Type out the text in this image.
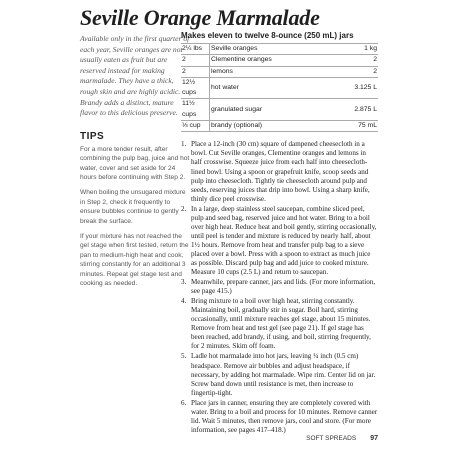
Seville Orange Marmalade

Available only in the first quarter of each year, Seville oranges are not usually eaten as fruit but are reserved instead for making marmalade. They have a thick, rough skin and are highly acidic. Brandy adds a distinct, mature flavor to this delicious preserve.

TIPS

For a more tender result, after combining the pulp bag, juice and hot water, cover and set aside for 24 hours before continuing with Step 2.

When boiling the unsugared mixture in Step 2, check it frequently to ensure bubbles continue to gently break the surface.

If your mixture has not reached the gel stage when first tested, return the pan to medium-high heat and cook, stirring constantly for an additional 3 minutes. Repeat gel stage test and cooking as needed.

Makes eleven to twelve 8-ounce (250 mL) jars
2¼ lbs	Seville oranges	1 kg
2	Clementine oranges	2
2	lemons	2
12½ cups	hot water	3.125 L
11½ cups	granulated sugar	2.875 L
⅓ cup	brandy (optional)	75 mL
1. Place a 12-inch (30 cm) square of dampened cheesecloth in a bowl. Cut Seville oranges, Clementine oranges and lemons in half crosswise. Squeeze juice from each half into cheesecloth-lined bowl. Using a spoon or grapefruit knife, scoop seeds and pulp into cheesecloth. Tightly tie cheesecloth around pulp and seeds, reserving juices that drip into bowl. Using a sharp knife, thinly dice peel crosswise.
2. In a large, deep stainless steel saucepan, combine sliced peel, pulp and seed bag, reserved juice and hot water. Bring to a boil over high heat. Reduce heat and boil gently, stirring occasionally, until peel is tender and mixture is reduced by nearly half, about 1½ hours. Remove from heat and transfer pulp bag to a sieve placed over a bowl. Press with a spoon to extract as much juice as possible. Discard pulp bag and add juice to cooked mixture. Measure 10 cups (2.5 L) and return to saucepan.
3. Meanwhile, prepare canner, jars and lids. (For more information, see page 415.)
4. Bring mixture to a boil over high heat, stirring constantly. Maintaining boil, gradually stir in sugar. Boil hard, stirring occasionally, until mixture reaches gel stage, about 15 minutes. Remove from heat and test gel (see page 21). If gel stage has been reached, add brandy, if using, and boil, stirring frequently, for 2 minutes. Skim off foam.
5. Ladle hot marmalade into hot jars, leaving ¼ inch (0.5 cm) headspace. Remove air bubbles and adjust headspace, if necessary, by adding hot marmalade. Wipe rim. Center lid on jar. Screw band down until resistance is met, then increase to fingertip-tight.
6. Place jars in canner, ensuring they are completely covered with water. Bring to a boil and process for 10 minutes. Remove canner lid. Wait 5 minutes, then remove jars, cool and store. (For more information, see pages 417–418.)
SOFT SPREADS 97
